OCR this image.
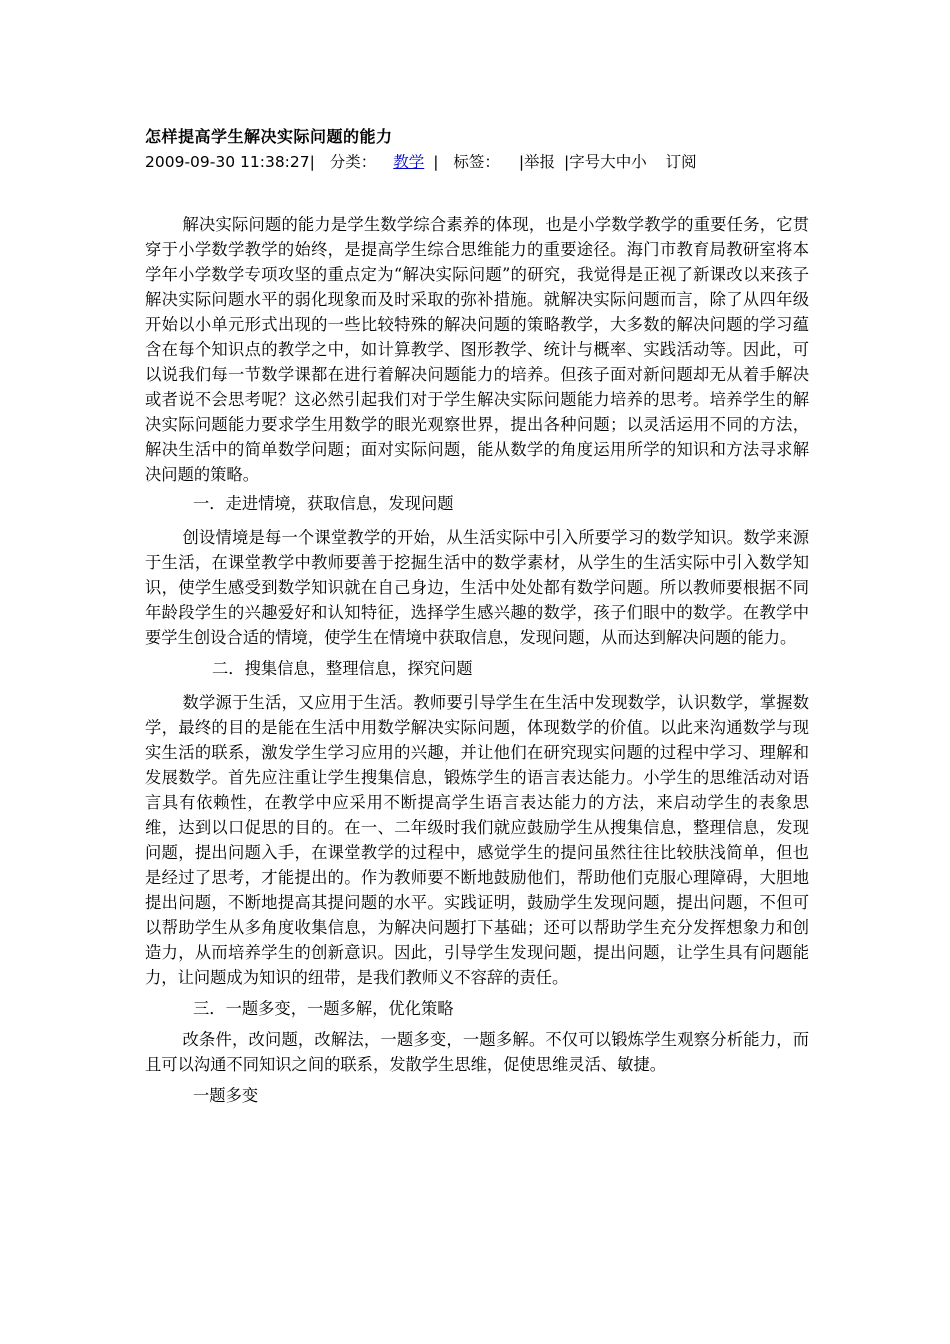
怎样提高学生解决实际问题的能力
2009-09-30 11:38:27| 分类： 教学 | 标签： |举报 |字号大中小 订阅

解决实际问题的能力是学生数学综合素养的体现，也是小学数学教学的重要任务，它贯穿于小学数学教学的始终，是提高学生综合思维能力的重要途径。海门市教育局教研室将本学年小学数学专项攻坚的重点定为“解决实际问题”的研究，我觉得是正视了新课改以来孩子解决实际问题水平的弱化现象而及时采取的弥补措施。就解决实际问题而言，除了从四年级开始以小单元形式出现的一些比较特殊的解决问题的策略教学，大多数的解决问题的学习蕴含在每个知识点的教学之中，如计算教学、图形教学、统计与概率、实践活动等。因此，可以说我们每一节数学课都在进行着解决问题能力的培养。但孩子面对新问题却无从着手解决或者说不会思考呢？这必然引起我们对于学生解决实际问题能力培养的思考。培养学生的解决实际问题能力要求学生用数学的眼光观察世界，提出各种问题；以灵活运用不同的方法，解决生活中的简单数学问题；面对实际问题，能从数学的角度运用所学的知识和方法寻求解决问题的策略。

一．走进情境，获取信息，发现问题

创设情境是每一个课堂教学的开始，从生活实际中引入所要学习的数学知识。数学来源于生活，在课堂教学中教师要善于挖掘生活中的数学素材，从学生的生活实际中引入数学知识，使学生感受到数学知识就在自己身边，生活中处处都有数学问题。所以教师要根据不同年龄段学生的兴趣爱好和认知特征，选择学生感兴趣的数学，孩子们眼中的数学。在教学中要学生创设合适的情境，使学生在情境中获取信息，发现问题，从而达到解决问题的能力。

二．搜集信息，整理信息，探究问题

数学源于生活，又应用于生活。教师要引导学生在生活中发现数学，认识数学，掌握数学，最终的目的是能在生活中用数学解决实际问题，体现数学的价值。以此来沟通数学与现实生活的联系，激发学生学习应用的兴趣，并让他们在研究现实问题的过程中学习、理解和发展数学。首先应注重让学生搜集信息，锻炼学生的语言表达能力。小学生的思维活动对语言具有依赖性，在教学中应采用不断提高学生语言表达能力的方法，来启动学生的表象思维，达到以口促思的目的。在一、二年级时我们就应鼓励学生从搜集信息，整理信息，发现问题，提出问题入手，在课堂教学的过程中，感觉学生的提问虽然往往比较肤浅简单，但也是经过了思考，才能提出的。作为教师要不断地鼓励他们，帮助他们克服心理障碍，大胆地提出问题，不断地提高其提问题的水平。实践证明，鼓励学生发现问题，提出问题，不但可以帮助学生从多角度收集信息，为解决问题打下基础；还可以帮助学生充分发挥想象力和创造力，从而培养学生的创新意识。因此，引导学生发现问题，提出问题，让学生具有问题能力，让问题成为知识的纽带，是我们教师义不容辞的责任。

三．一题多变，一题多解，优化策略

改条件，改问题，改解法，一题多变，一题多解。不仅可以锻炼学生观察分析能力，而且可以沟通不同知识之间的联系，发散学生思维，促使思维灵活、敏捷。

一题多变
